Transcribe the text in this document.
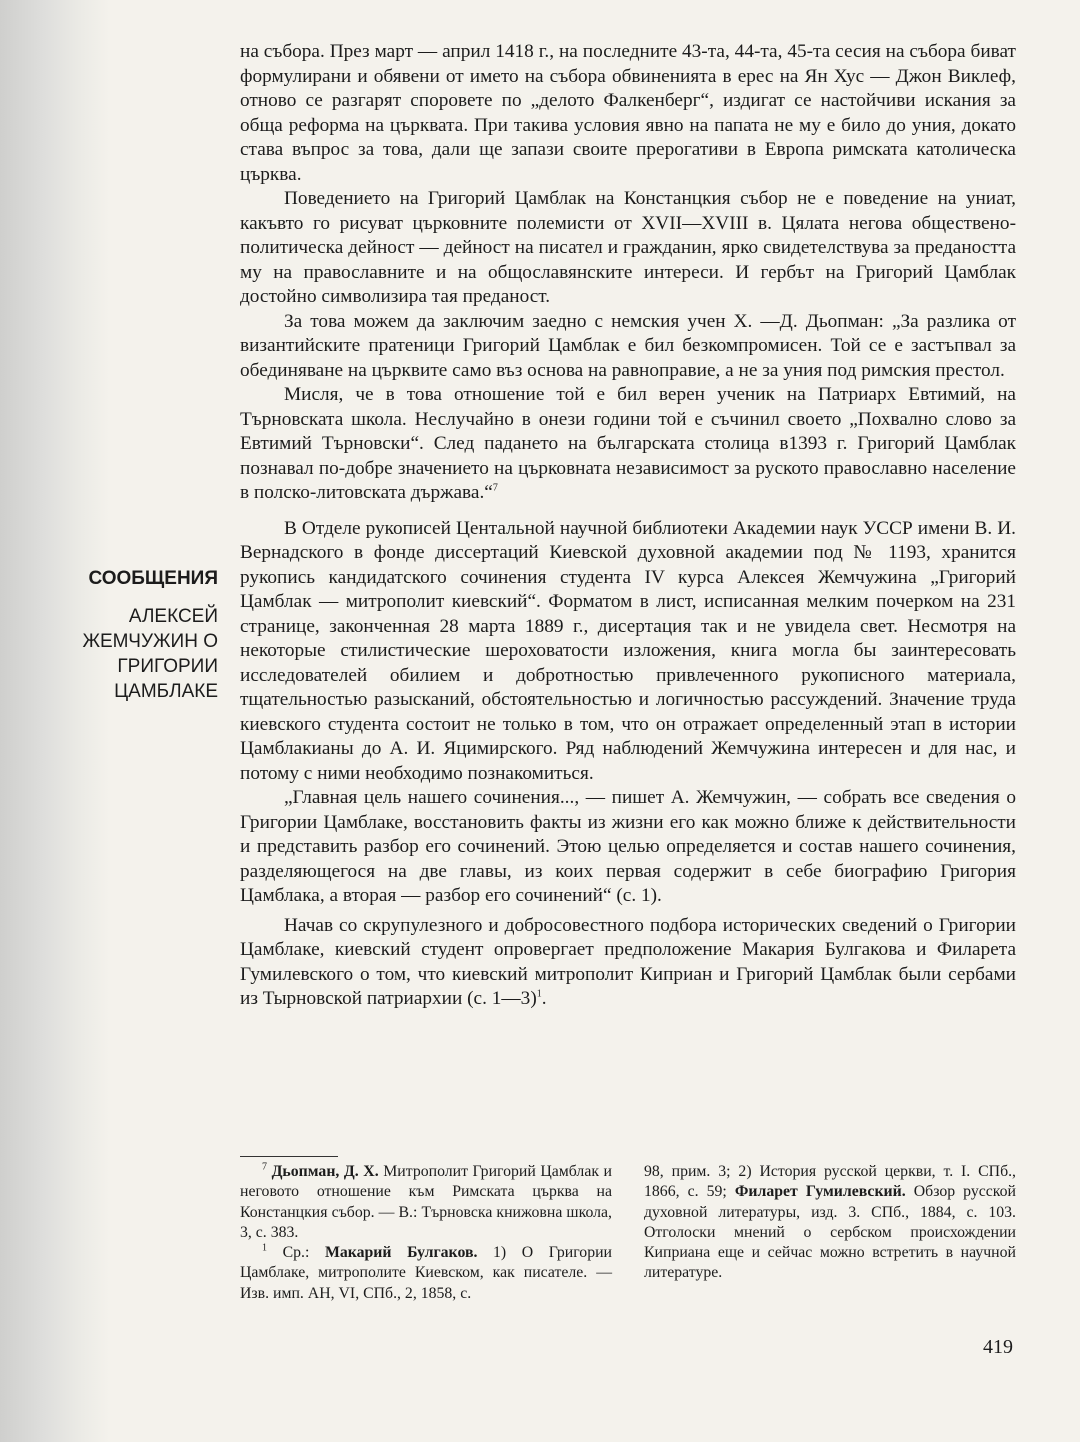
на събора. През март — април 1418 г., на последните 43-та, 44-та, 45-та сесия на събора биват формулирани и обявени от името на събора обвиненията в ерес на Ян Хус — Джон Виклеф, отново се разгарят споровете по „делото Фалкенберг“, издигат се настойчиви искания за обща реформа на църквата. При такива условия явно на папата не му е било до уния, докато става въпрос за това, дали ще запази своите прерогативи в Европа римската католическа църква.

Поведението на Григорий Цамблак на Констанцкия събор не е поведение на униат, какъвто го рисуват църковните полемисти от XVII—XVIII в. Цялата негова обществено-политическа дейност — дейност на писател и гражданин, ярко свидетелствува за предаността му на православните и на общославянските интереси. И гербът на Григорий Цамблак достойно символизира тая преданост.

За това можем да заключим заедно с немския учен Х. —Д. Дьопман: „За разлика от византийските пратеници Григорий Цамблак е бил безкомпромисен. Той се е застъпвал за обединяване на църквите само въз основа на равноправие, а не за уния под римския престол.

Мисля, че в това отношение той е бил верен ученик на Патриарх Евтимий, на Търновската школа. Неслучайно в онези години той е съчинил своето „Похвално слово за Евтимий Търновски“. След падането на българската столица в1393 г. Григорий Цамблак познавал по-добре значението на църковната независимост за руското православно население в полско-литовската държава.“$^7$

В Отделе рукописей Центальной научной библиотеки Академии наук УССР имени В. И. Вернадского в фонде диссертаций Киевской духовной академии под № 1193, хранится рукопись кандидатского сочинения студента IV курса Алексея Жемчужина „Григорий Цамблак — митрополит киевский“. Форматом в лист, исписанная мелким почерком на 231 странице, законченная 28 марта 1889 г., дисертация так и не увидела свет. Несмотря на некоторые стилистические шероховатости изложения, книга могла бы заинтересовать исследователей обилием и добротностью привлеченного рукописного материала, тщательностью разысканий, обстоятельностью и логичностью рассуждений. Значение труда киевского студента состоит не только в том, что он отражает определенный этап в истории Цамблакианы до А. И. Яцимирского. Ряд наблюдений Жемчужина интересен и для нас, и потому с ними необходимо познакомиться.

„Главная цель нашего сочинения..., — пишет А. Жемчужин, — собрать все сведения о Григории Цамблаке, восстановить факты из жизни его как можно ближе к действительности и представить разбор его сочинений. Этою целью определяется и состав нашего сочинения, разделяющегося на две главы, из коих первая содержит в себе биографию Григория Цамблака, а вторая — разбор его сочинений“ (с. 1).

Начав со скрупулезного и добросовестного подбора исторических сведений о Григории Цамблаке, киевский студент опровергает предположение Макария Булгакова и Филарета Гумилевского о том, что киевский митрополит Киприан и Григорий Цамблак были сербами из Тырновской патриархии (с. 1—3)$^1$.

СООБЩЕНИЯ
АЛЕКСЕЙ
ЖЕМЧУЖИН О
ГРИГОРИИ
ЦАМБЛАКЕ

$^7$ Дьопман, Д. Х. Митрополит Григорий Цамблак и неговото отношение към Римската църква на Констанцкия събор. — В.: Търновска книжовна школа, 3, с. 383.

$^1$ Ср.: Макарий Булгаков. 1) О Григории Цамблаке, митрополите Киевском, как писателе. — Изв. имп. АН, VI, СПб., 2, 1858, с.

98, прим. 3; 2) История русской церкви, т. I. СПб., 1866, с. 59; Филарет Гумилевский. Обзор русской духовной литературы, изд. 3. СПб., 1884, с. 103. Отголоски мнений о сербском происхождении Киприана еще и сейчас можно встретить в научной литературе.

419
